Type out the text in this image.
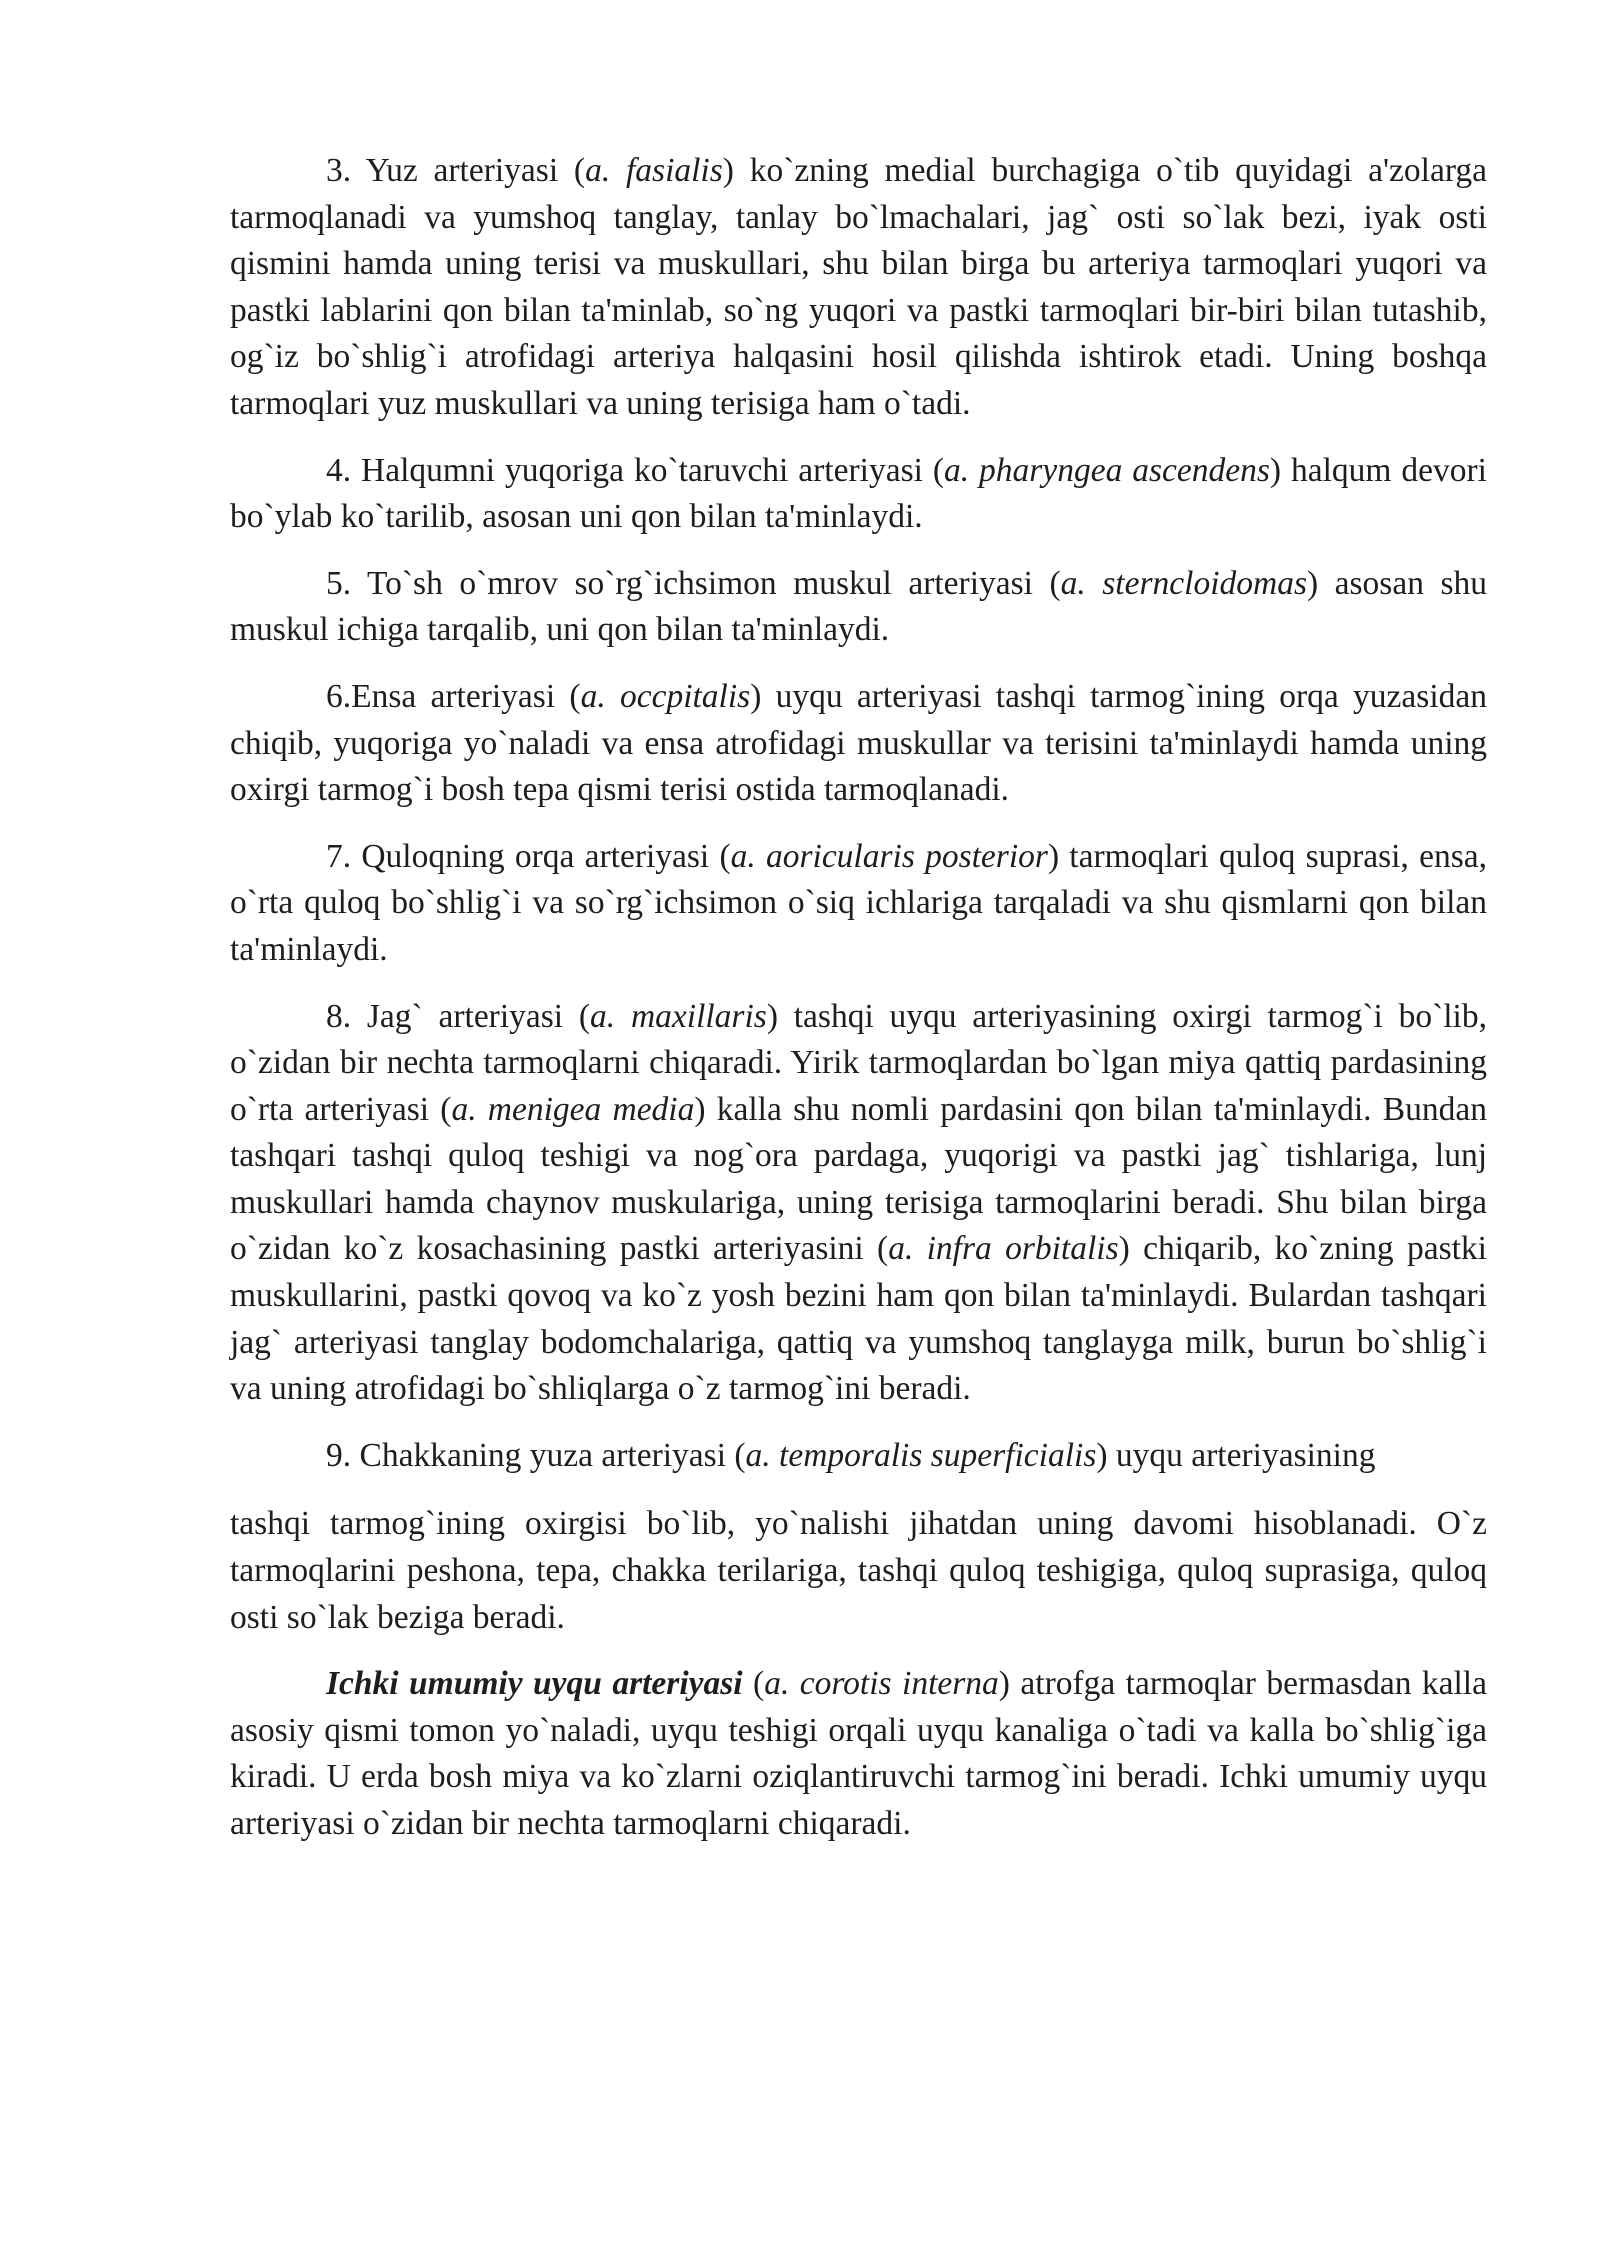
3. Yuz arteriyasi (a. fasialis) ko`zning medial burchagiga o`tib quyidagi a'zolarga tarmoqlanadi va yumshoq tanglay, tanlay bo`lmachalari, jag` osti so`lak bezi, iyak osti qismini hamda uning terisi va muskullari, shu bilan birga bu arteriya tarmoqlari yuqori va pastki lablarini qon bilan ta'minlab, so`ng yuqori va pastki tarmoqlari bir-biri bilan tutashib, og`iz bo`shlig`i atrofidagi arteriya halqasini hosil qilishda ishtirok etadi. Uning boshqa tarmoqlari yuz muskullari va uning terisiga ham o`tadi.

4. Halqumni yuqoriga ko`taruvchi arteriyasi (a. pharyngea ascendens) halqum devori bo`ylab ko`tarilib, asosan uni qon bilan ta'minlaydi.

5. To`sh o`mrov so`rg`ichsimon muskul arteriyasi (a. sterncloidomas) asosan shu muskul ichiga tarqalib, uni qon bilan ta'minlaydi.

6.Ensa arteriyasi (a. occpitalis) uyqu arteriyasi tashqi tarmog`ining orqa yuzasidan chiqib, yuqoriga yo`naladi va ensa atrofidagi muskullar va terisini ta'minlaydi hamda uning oxirgi tarmog`i bosh tepa qismi terisi ostida tarmoqlanadi.

7. Quloqning orqa arteriyasi (a. aoricularis posterior) tarmoqlari quloq suprasi, ensa, o`rta quloq bo`shlig`i va so`rg`ichsimon o`siq ichlariga tarqaladi va shu qismlarni qon bilan ta'minlaydi.

8. Jag` arteriyasi (a. maxillaris) tashqi uyqu arteriyasining oxirgi tarmog`i bo`lib, o`zidan bir nechta tarmoqlarni chiqaradi. Yirik tarmoqlardan bo`lgan miya qattiq pardasining o`rta arteriyasi (a. menigea media) kalla shu nomli pardasini qon bilan ta'minlaydi. Bundan tashqari tashqi quloq teshigi va nog`ora pardaga, yuqorigi va pastki jag` tishlariga, lunj muskullari hamda chaynov muskulariga, uning terisiga tarmoqlarini beradi. Shu bilan birga o`zidan ko`z kosachasining pastki arteriyasini (a. infra orbitalis) chiqarib, ko`zning pastki muskullarini, pastki qovoq va ko`z yosh bezini ham qon bilan ta'minlaydi. Bulardan tashqari jag` arteriyasi tanglay bodomchalariga, qattiq va yumshoq tanglayga milk, burun bo`shlig`i va uning atrofidagi bo`shliqlarga o`z tarmog`ini beradi.

9. Chakkaning yuza arteriyasi (a. temporalis superficialis) uyqu arteriyasining

tashqi tarmog`ining oxirgisi bo`lib, yo`nalishi jihatdan uning davomi hisoblanadi. O`z tarmoqlarini peshona, tepa, chakka terilariga, tashqi quloq teshigiga, quloq suprasiga, quloq osti so`lak beziga beradi.

Ichki umumiy uyqu arteriyasi (a. corotis interna) atrofga tarmoqlar bermasdan kalla asosiy qismi tomon yo`naladi, uyqu teshigi orqali uyqu kanaliga o`tadi va kalla bo`shlig`iga kiradi. U erda bosh miya va ko`zlarni oziqlantiruvchi tarmog`ini beradi. Ichki umumiy uyqu arteriyasi o`zidan bir nechta tarmoqlarni chiqaradi.
